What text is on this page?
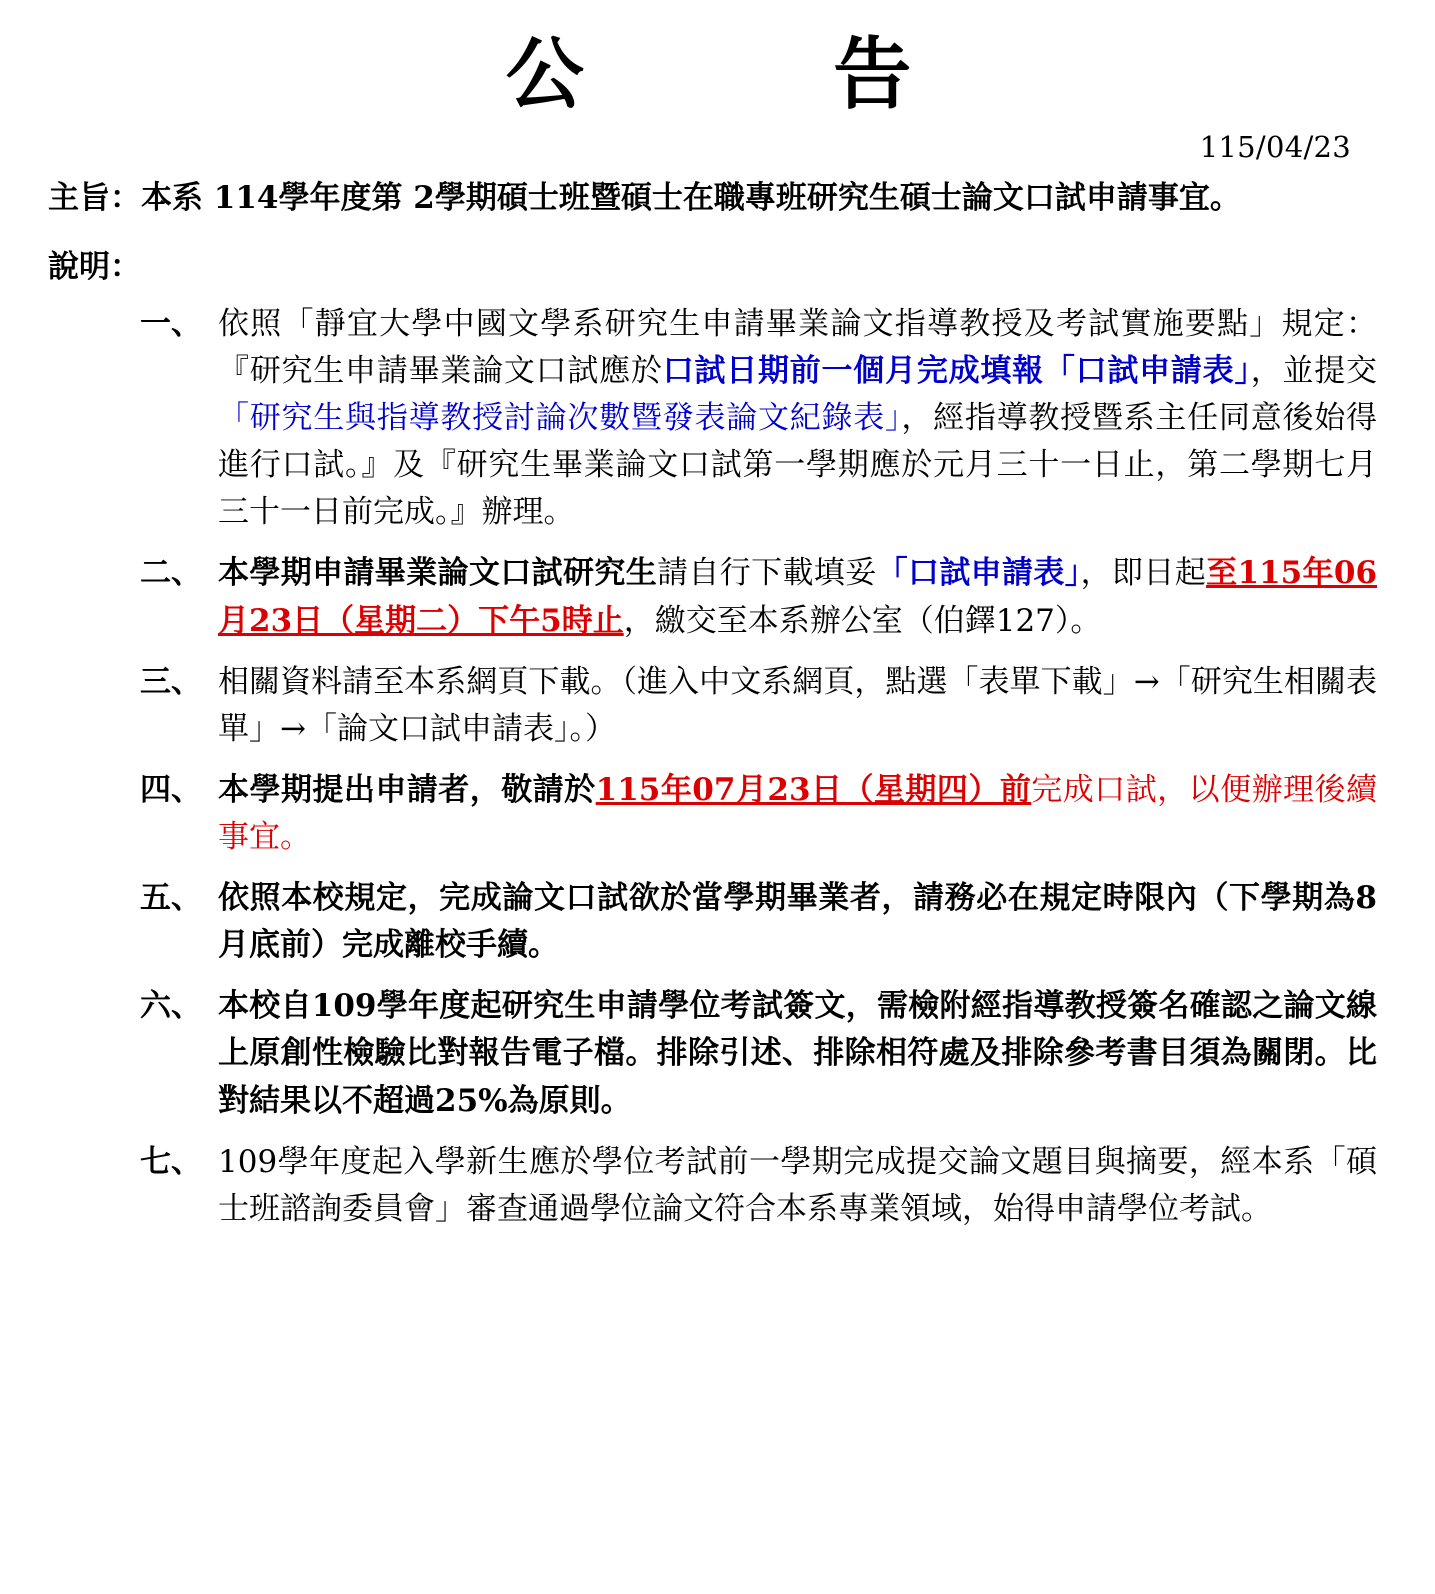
公　　告
115/04/23
主旨： 本系 114學年度第 2學期碩士班暨碩士在職專班研究生碩士論文口試申請事宜。
說明：
一、 依照「靜宜大學中國文學系研究生申請畢業論文指導教授及考試實施要點」規定：『研究生申請畢業論文口試應於口試日期前一個月完成填報「口試申請表」，並提交「研究生與指導教授討論次數暨發表論文紀錄表」，經指導教授暨系主任同意後始得進行口試。』及『研究生畢業論文口試第一學期應於元月三十一日止，第二學期七月三十一日前完成。』辦理。
二、 本學期申請畢業論文口試研究生請自行下載填妥「口試申請表」，即日起至115年06月23日（星期二）下午5時止，繳交至本系辦公室（伯鐸127）。
三、 相關資料請至本系網頁下載。（進入中文系網頁，點選「表單下載」→「研究生相關表單」→「論文口試申請表」。）
四、 本學期提出申請者，敬請於115年07月23日（星期四）前完成口試，以便辦理後續事宜。
五、 依照本校規定，完成論文口試欲於當學期畢業者，請務必在規定時限內（下學期為8月底前）完成離校手續。
六、 本校自109學年度起研究生申請學位考試簽文，需檢附經指導教授簽名確認之論文線上原創性檢驗比對報告電子檔。排除引述、排除相符處及排除參考書目須為關閉。比對結果以不超過25%為原則。
七、 109學年度起入學新生應於學位考試前一學期完成提交論文題目與摘要，經本系「碩士班諮詢委員會」審查通過學位論文符合本系專業領域，始得申請學位考試。
